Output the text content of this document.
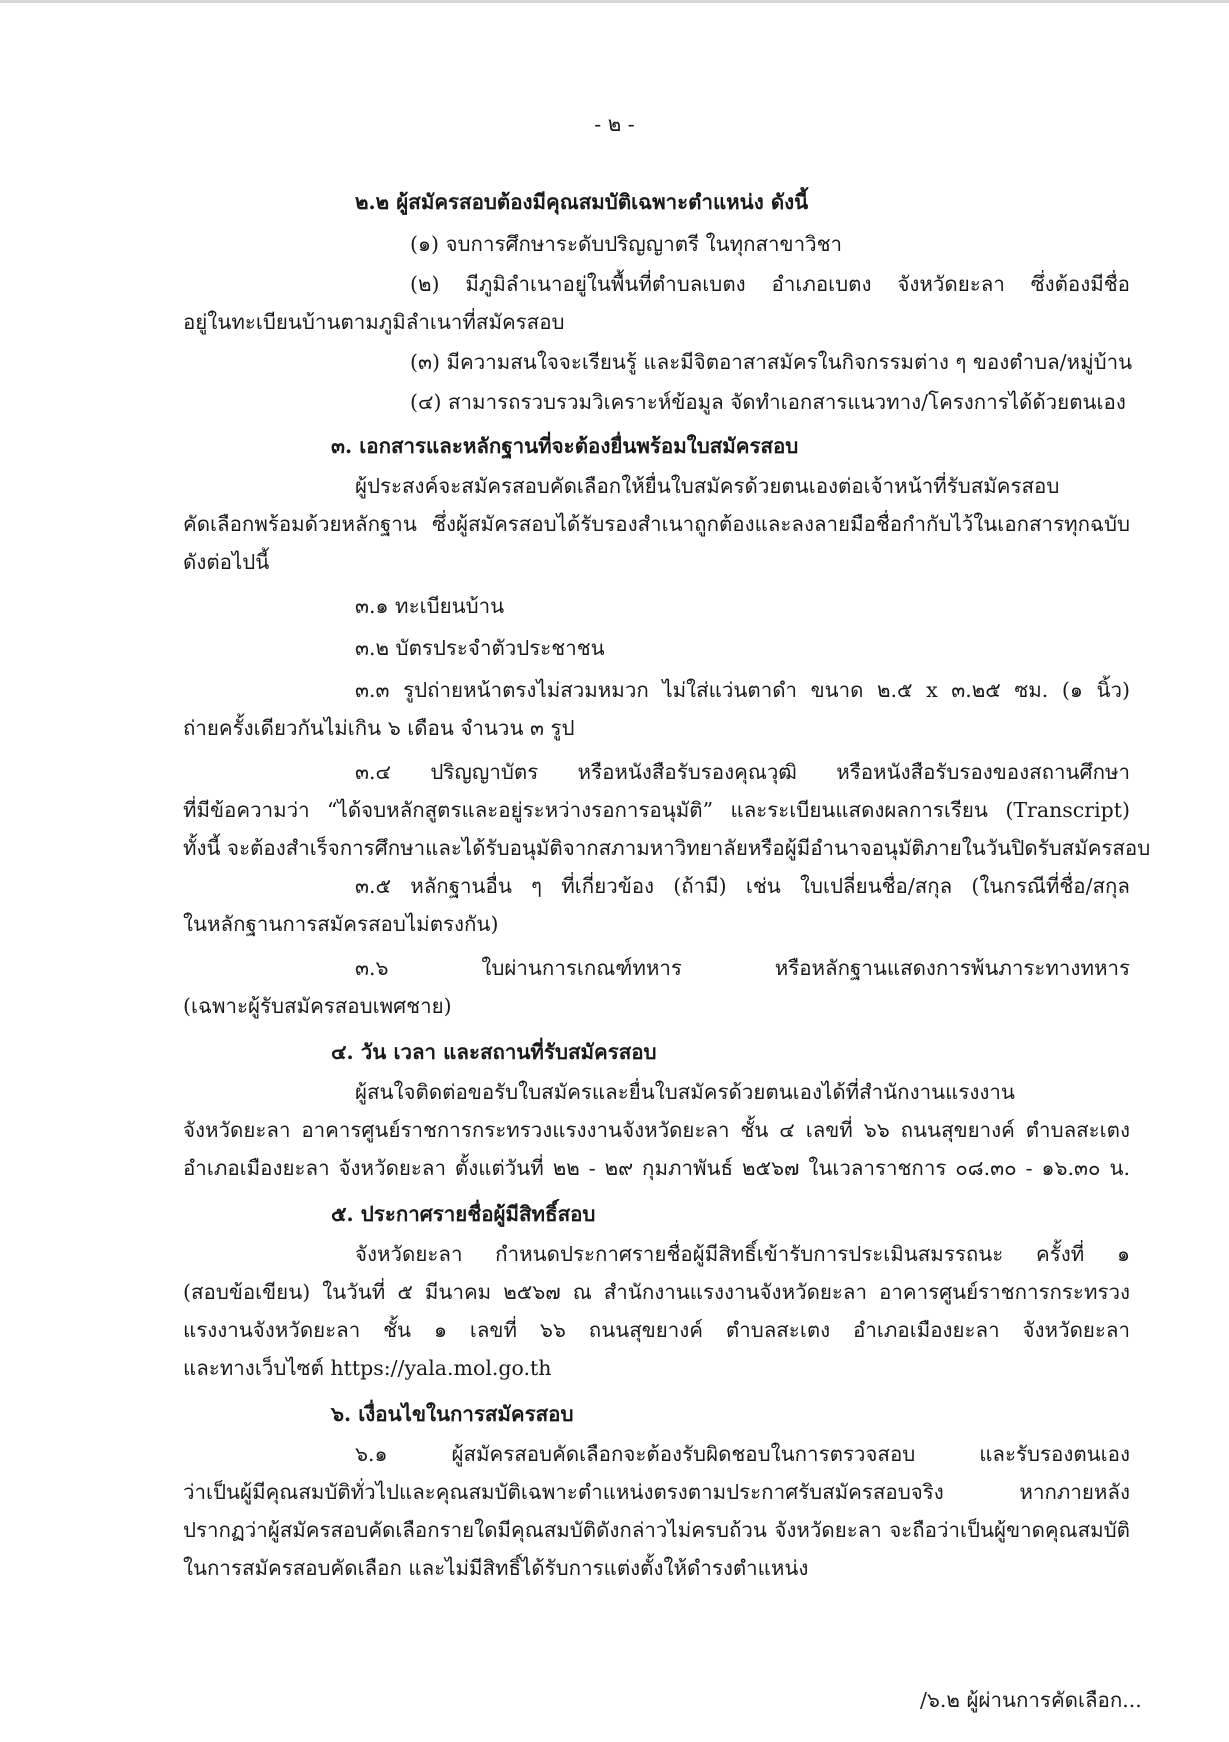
- ๒ -
๒.๒ ผู้สมัครสอบต้องมีคุณสมบัติเฉพาะตำแหน่ง ดังนี้
(๑) จบการศึกษาระดับปริญญาตรี ในทุกสาขาวิชา
(๒) มีภูมิลำเนาอยู่ในพื้นที่ตำบลเบตง อำเภอเบตง จังหวัดยะลา ซึ่งต้องมีชื่อ
อยู่ในทะเบียนบ้านตามภูมิลำเนาที่สมัครสอบ
(๓) มีความสนใจจะเรียนรู้ และมีจิตอาสาสมัครในกิจกรรมต่าง ๆ ของตำบล/หมู่บ้าน
(๔) สามารถรวบรวมวิเคราะห์ข้อมูล จัดทำเอกสารแนวทาง/โครงการได้ด้วยตนเอง
๓. เอกสารและหลักฐานที่จะต้องยื่นพร้อมใบสมัครสอบ
ผู้ประสงค์จะสมัครสอบคัดเลือกให้ยื่นใบสมัครด้วยตนเองต่อเจ้าหน้าที่รับสมัครสอบ
คัดเลือกพร้อมด้วยหลักฐาน ซึ่งผู้สมัครสอบได้รับรองสำเนาถูกต้องและลงลายมือชื่อกำกับไว้ในเอกสารทุกฉบับ
ดังต่อไปนี้
๓.๑ ทะเบียนบ้าน
๓.๒ บัตรประจำตัวประชาชน
๓.๓ รูปถ่ายหน้าตรงไม่สวมหมวก ไม่ใส่แว่นตาดำ ขนาด ๒.๕ x ๓.๒๕ ซม. (๑ นิ้ว)
ถ่ายครั้งเดียวกันไม่เกิน ๖ เดือน จำนวน ๓ รูป
๓.๔ ปริญญาบัตร หรือหนังสือรับรองคุณวุฒิ หรือหนังสือรับรองของสถานศึกษา
ที่มีข้อความว่า “ได้จบหลักสูตรและอยู่ระหว่างรอการอนุมัติ” และระเบียนแสดงผลการเรียน (Transcript)
ทั้งนี้ จะต้องสำเร็จการศึกษาและได้รับอนุมัติจากสภามหาวิทยาลัยหรือผู้มีอำนาจอนุมัติภายในวันปิดรับสมัครสอบ
๓.๕ หลักฐานอื่น ๆ ที่เกี่ยวข้อง (ถ้ามี) เช่น ใบเปลี่ยนชื่อ/สกุล (ในกรณีที่ชื่อ/สกุล
ในหลักฐานการสมัครสอบไม่ตรงกัน)
๓.๖ ใบผ่านการเกณฑ์ทหาร หรือหลักฐานแสดงการพ้นภาระทางทหาร
(เฉพาะผู้รับสมัครสอบเพศชาย)
๔. วัน เวลา และสถานที่รับสมัครสอบ
ผู้สนใจติดต่อขอรับใบสมัครและยื่นใบสมัครด้วยตนเองได้ที่สำนักงานแรงงาน
จังหวัดยะลา อาคารศูนย์ราชการกระทรวงแรงงานจังหวัดยะลา ชั้น ๔ เลขที่ ๖๖ ถนนสุขยางค์ ตำบลสะเตง
อำเภอเมืองยะลา จังหวัดยะลา ตั้งแต่วันที่ ๒๒ - ๒๙ กุมภาพันธ์ ๒๕๖๗ ในเวลาราชการ ๐๘.๓๐ - ๑๖.๓๐ น.
๕. ประกาศรายชื่อผู้มีสิทธิ์สอบ
จังหวัดยะลา กำหนดประกาศรายชื่อผู้มีสิทธิ์เข้ารับการประเมินสมรรถนะ ครั้งที่ ๑
(สอบข้อเขียน) ในวันที่ ๕ มีนาคม ๒๕๖๗ ณ สำนักงานแรงงานจังหวัดยะลา อาคารศูนย์ราชการกระทรวง
แรงงานจังหวัดยะลา ชั้น ๑ เลขที่ ๖๖ ถนนสุขยางค์ ตำบลสะเตง อำเภอเมืองยะลา จังหวัดยะลา
และทางเว็บไซต์ https://yala.mol.go.th
๖. เงื่อนไขในการสมัครสอบ
๖.๑ ผู้สมัครสอบคัดเลือกจะต้องรับผิดชอบในการตรวจสอบ และรับรองตนเอง
ว่าเป็นผู้มีคุณสมบัติทั่วไปและคุณสมบัติเฉพาะตำแหน่งตรงตามประกาศรับสมัครสอบจริง หากภายหลัง
ปรากฏว่าผู้สมัครสอบคัดเลือกรายใดมีคุณสมบัติดังกล่าวไม่ครบถ้วน จังหวัดยะลา จะถือว่าเป็นผู้ขาดคุณสมบัติ
ในการสมัครสอบคัดเลือก และไม่มีสิทธิ์ได้รับการแต่งตั้งให้ดำรงตำแหน่ง
/๖.๒ ผู้ผ่านการคัดเลือก...
